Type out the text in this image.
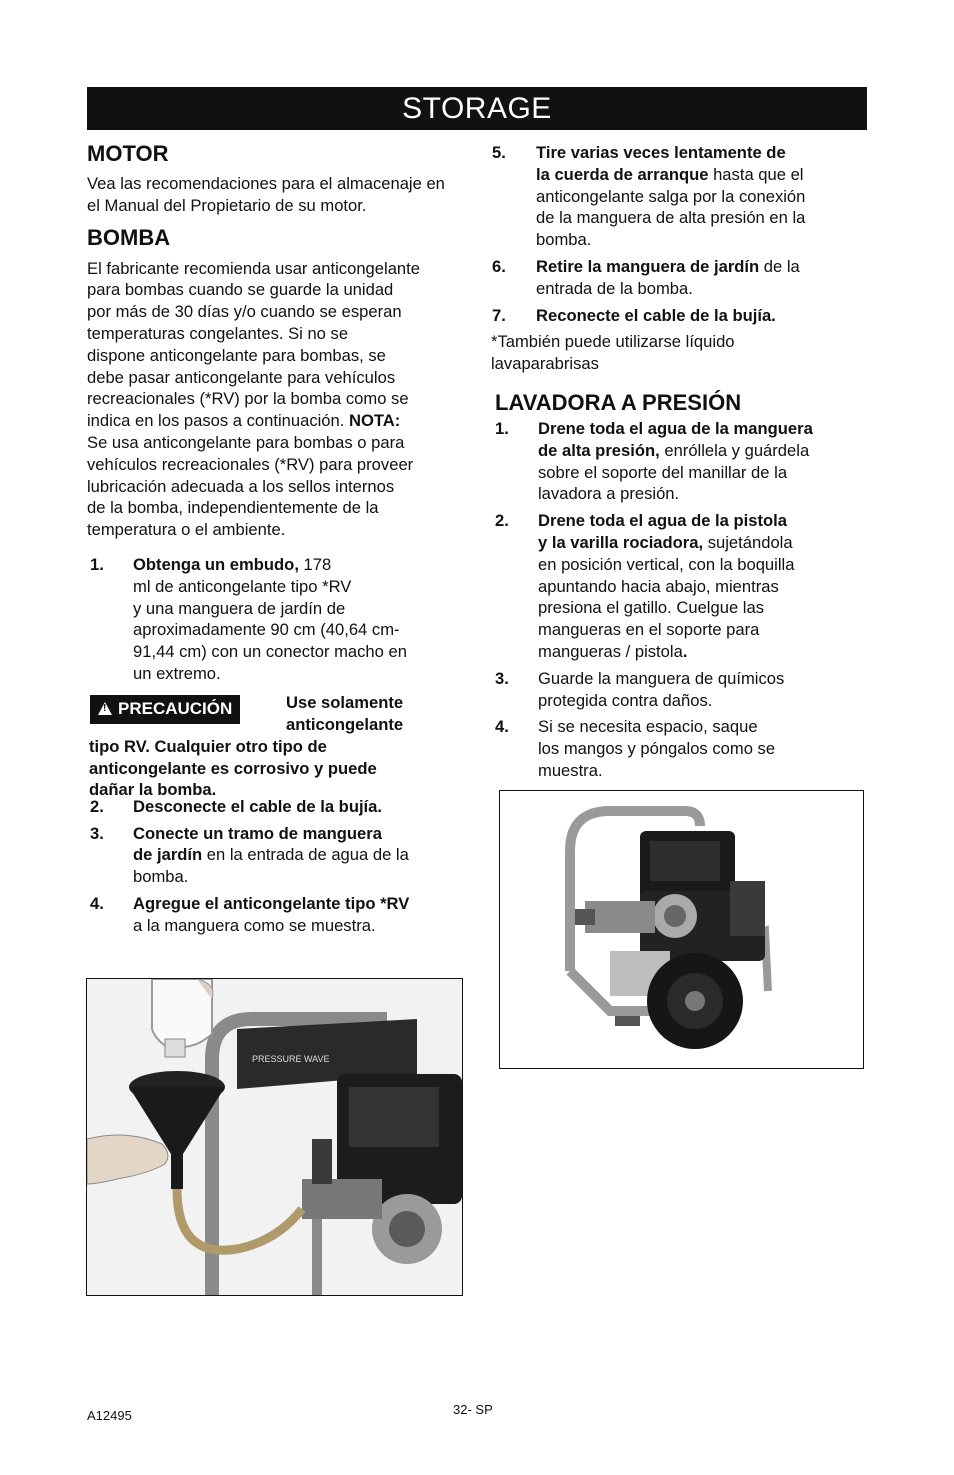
STORAGE
MOTOR

Vea las recomendaciones para el almacenaje en el Manual del Propietario de su motor.

BOMBA

El fabricante recomienda usar anticongelante

para bombas cuando se guarde la unidad

por más de 30 días y/o cuando se esperan

temperaturas congelantes. Si no se

dispone anticongelante para bombas, se

debe pasar anticongelante para vehículos

recreacionales (*RV) por la bomba como se

indica en los pasos a continuación. NOTA:

Se usa anticongelante para bombas o para

vehículos recreacionales (*RV) para proveer

lubricación adecuada a los sellos internos

de la bomba, independientemente de la

temperatura o el ambiente.

1. Obtenga un embudo, 178
ml de anticongelante tipo *RV
y una manguera de jardín de
aproximadamente 90 cm (40,64 cm-
91,44 cm) con un conector macho en
un extremo.
! PRECAUCIÓN	Use solamente
anticongelante
tipo RV. Cualquier otro tipo de
anticongelante es corrosivo y puede
dañar la bomba.
2. Desconecte el cable de la bujía.
3. Conecte un tramo de manguera
de jardín en la entrada de agua de la
bomba.
4. Agregue el anticongelante tipo *RV
a la manguera como se muestra.
PRESSURE WAVE
5. Tire varias veces lentamente de
la cuerda de arranque hasta que el
anticongelante salga por la conexión
de la manguera de alta presión en la
bomba.
6. Retire la manguera de jardín de la
entrada de la bomba.
7. Reconecte el cable de la bujía.
*También puede utilizarse líquido
lavaparabrisas
LAVADORA A PRESIÓN
1. Drene toda el agua de la manguera
de alta presión, enróllela y guárdela
sobre el soporte del manillar de la
lavadora a presión.
2. Drene toda el agua de la pistola
y la varilla rociadora, sujetándola
en posición vertical, con la boquilla
apuntando hacia abajo, mientras
presiona el gatillo. Cuelgue las
mangueras en el soporte para
mangueras / pistola.
3. Guarde la manguera de químicos
protegida contra daños.
4. Si se necesita espacio, saque
los mangos y póngalos como se
muestra.
A12495	32- SP
